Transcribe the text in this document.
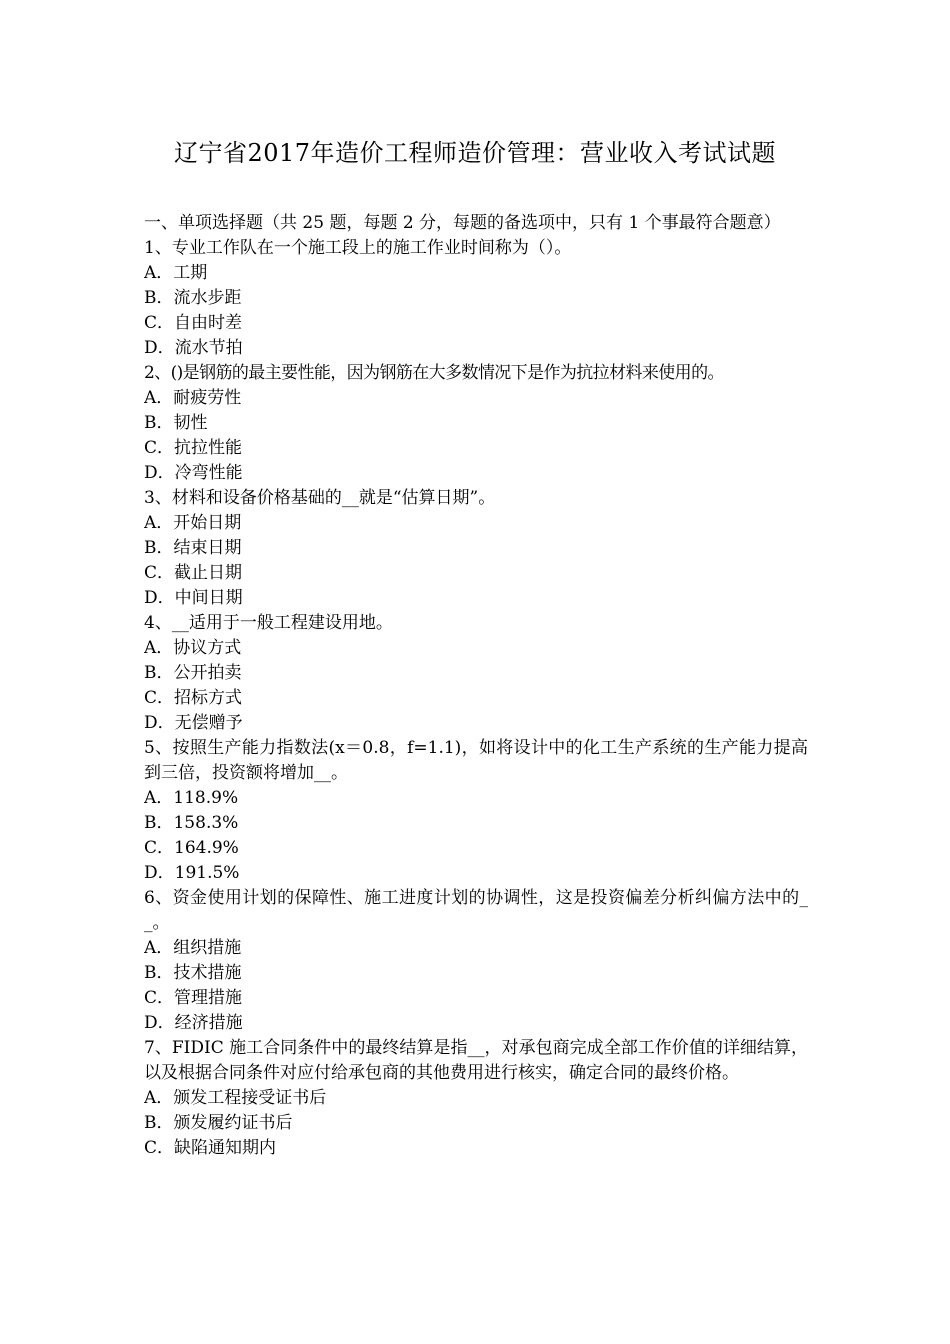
辽宁省2017年造价工程师造价管理：营业收入考试试题
一、单项选择题（共 25 题，每题 2 分，每题的备选项中，只有 1 个事最符合题意）
1、专业工作队在一个施工段上的施工作业时间称为（）。
A．工期
B．流水步距
C．自由时差
D．流水节拍
2、()是钢筋的最主要性能，因为钢筋在大多数情况下是作为抗拉材料来使用的。
A．耐疲劳性
B．韧性
C．抗拉性能
D．冷弯性能
3、材料和设备价格基础的__就是“估算日期”。
A．开始日期
B．结束日期
C．截止日期
D．中间日期
4、__适用于一般工程建设用地。
A．协议方式
B．公开拍卖
C．招标方式
D．无偿赠予
5、按照生产能力指数法(x＝0.8，f=1.1)，如将设计中的化工生产系统的生产能力提高到三倍，投资额将增加__。
A．118.9%
B．158.3%
C．164.9%
D．191.5%
6、资金使用计划的保障性、施工进度计划的协调性，这是投资偏差分析纠偏方法中的__。
A．组织措施
B．技术措施
C．管理措施
D．经济措施
7、FIDIC 施工合同条件中的最终结算是指__，对承包商完成全部工作价值的详细结算，以及根据合同条件对应付给承包商的其他费用进行核实，确定合同的最终价格。
A．颁发工程接受证书后
B．颁发履约证书后
C．缺陷通知期内
